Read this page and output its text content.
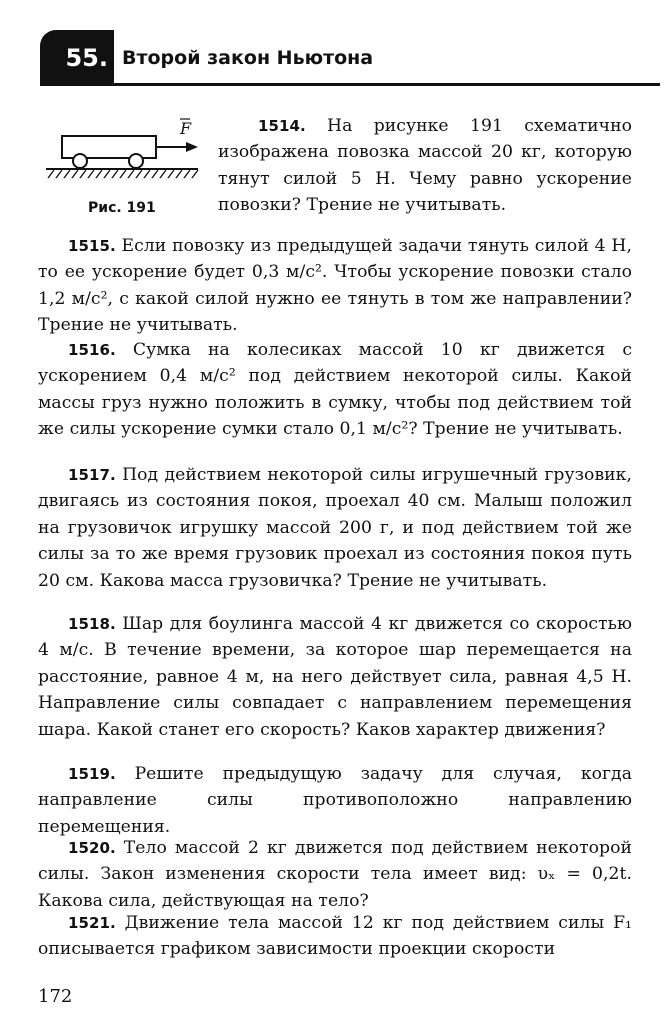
55. Второй закон Ньютона
F
Рис. 191

1514. На рисунке 191 схематично изображена повозка массой 20 кг, которую тянут силой 5 Н. Чему равно ускорение повозки? Трение не учитывать.

1515. Если повозку из предыдущей задачи тянуть силой 4 Н, то ее ускорение будет 0,3 м/с². Чтобы ускорение повозки стало 1,2 м/с², с какой силой нужно ее тянуть в том же направлении? Трение не учитывать.

1516. Сумка на колесиках массой 10 кг движется с ускорением 0,4 м/с² под действием некоторой силы. Какой массы груз нужно положить в сумку, чтобы под действием той же силы ускорение сумки стало 0,1 м/с²? Трение не учитывать.

1517. Под действием некоторой силы игрушечный грузовик, двигаясь из состояния покоя, проехал 40 см. Малыш положил на грузовичок игрушку массой 200 г, и под действием той же силы за то же время грузовик проехал из состояния покоя путь 20 см. Какова масса грузовичка? Трение не учитывать.

1518. Шар для боулинга массой 4 кг движется со скоростью 4 м/с. В течение времени, за которое шар перемещается на расстояние, равное 4 м, на него действует сила, равная 4,5 Н. Направление силы совпадает с направлением перемещения шара. Какой станет его скорость? Каков характер движения?

1519. Решите предыдущую задачу для случая, когда направление силы противоположно направлению перемещения.

1520. Тело массой 2 кг движется под действием некоторой силы. Закон изменения скорости тела имеет вид: υₓ = 0,2t. Какова сила, действующая на тело?

1521. Движение тела массой 12 кг под действием силы F₁ описывается графиком зависимости проекции скорости

172
